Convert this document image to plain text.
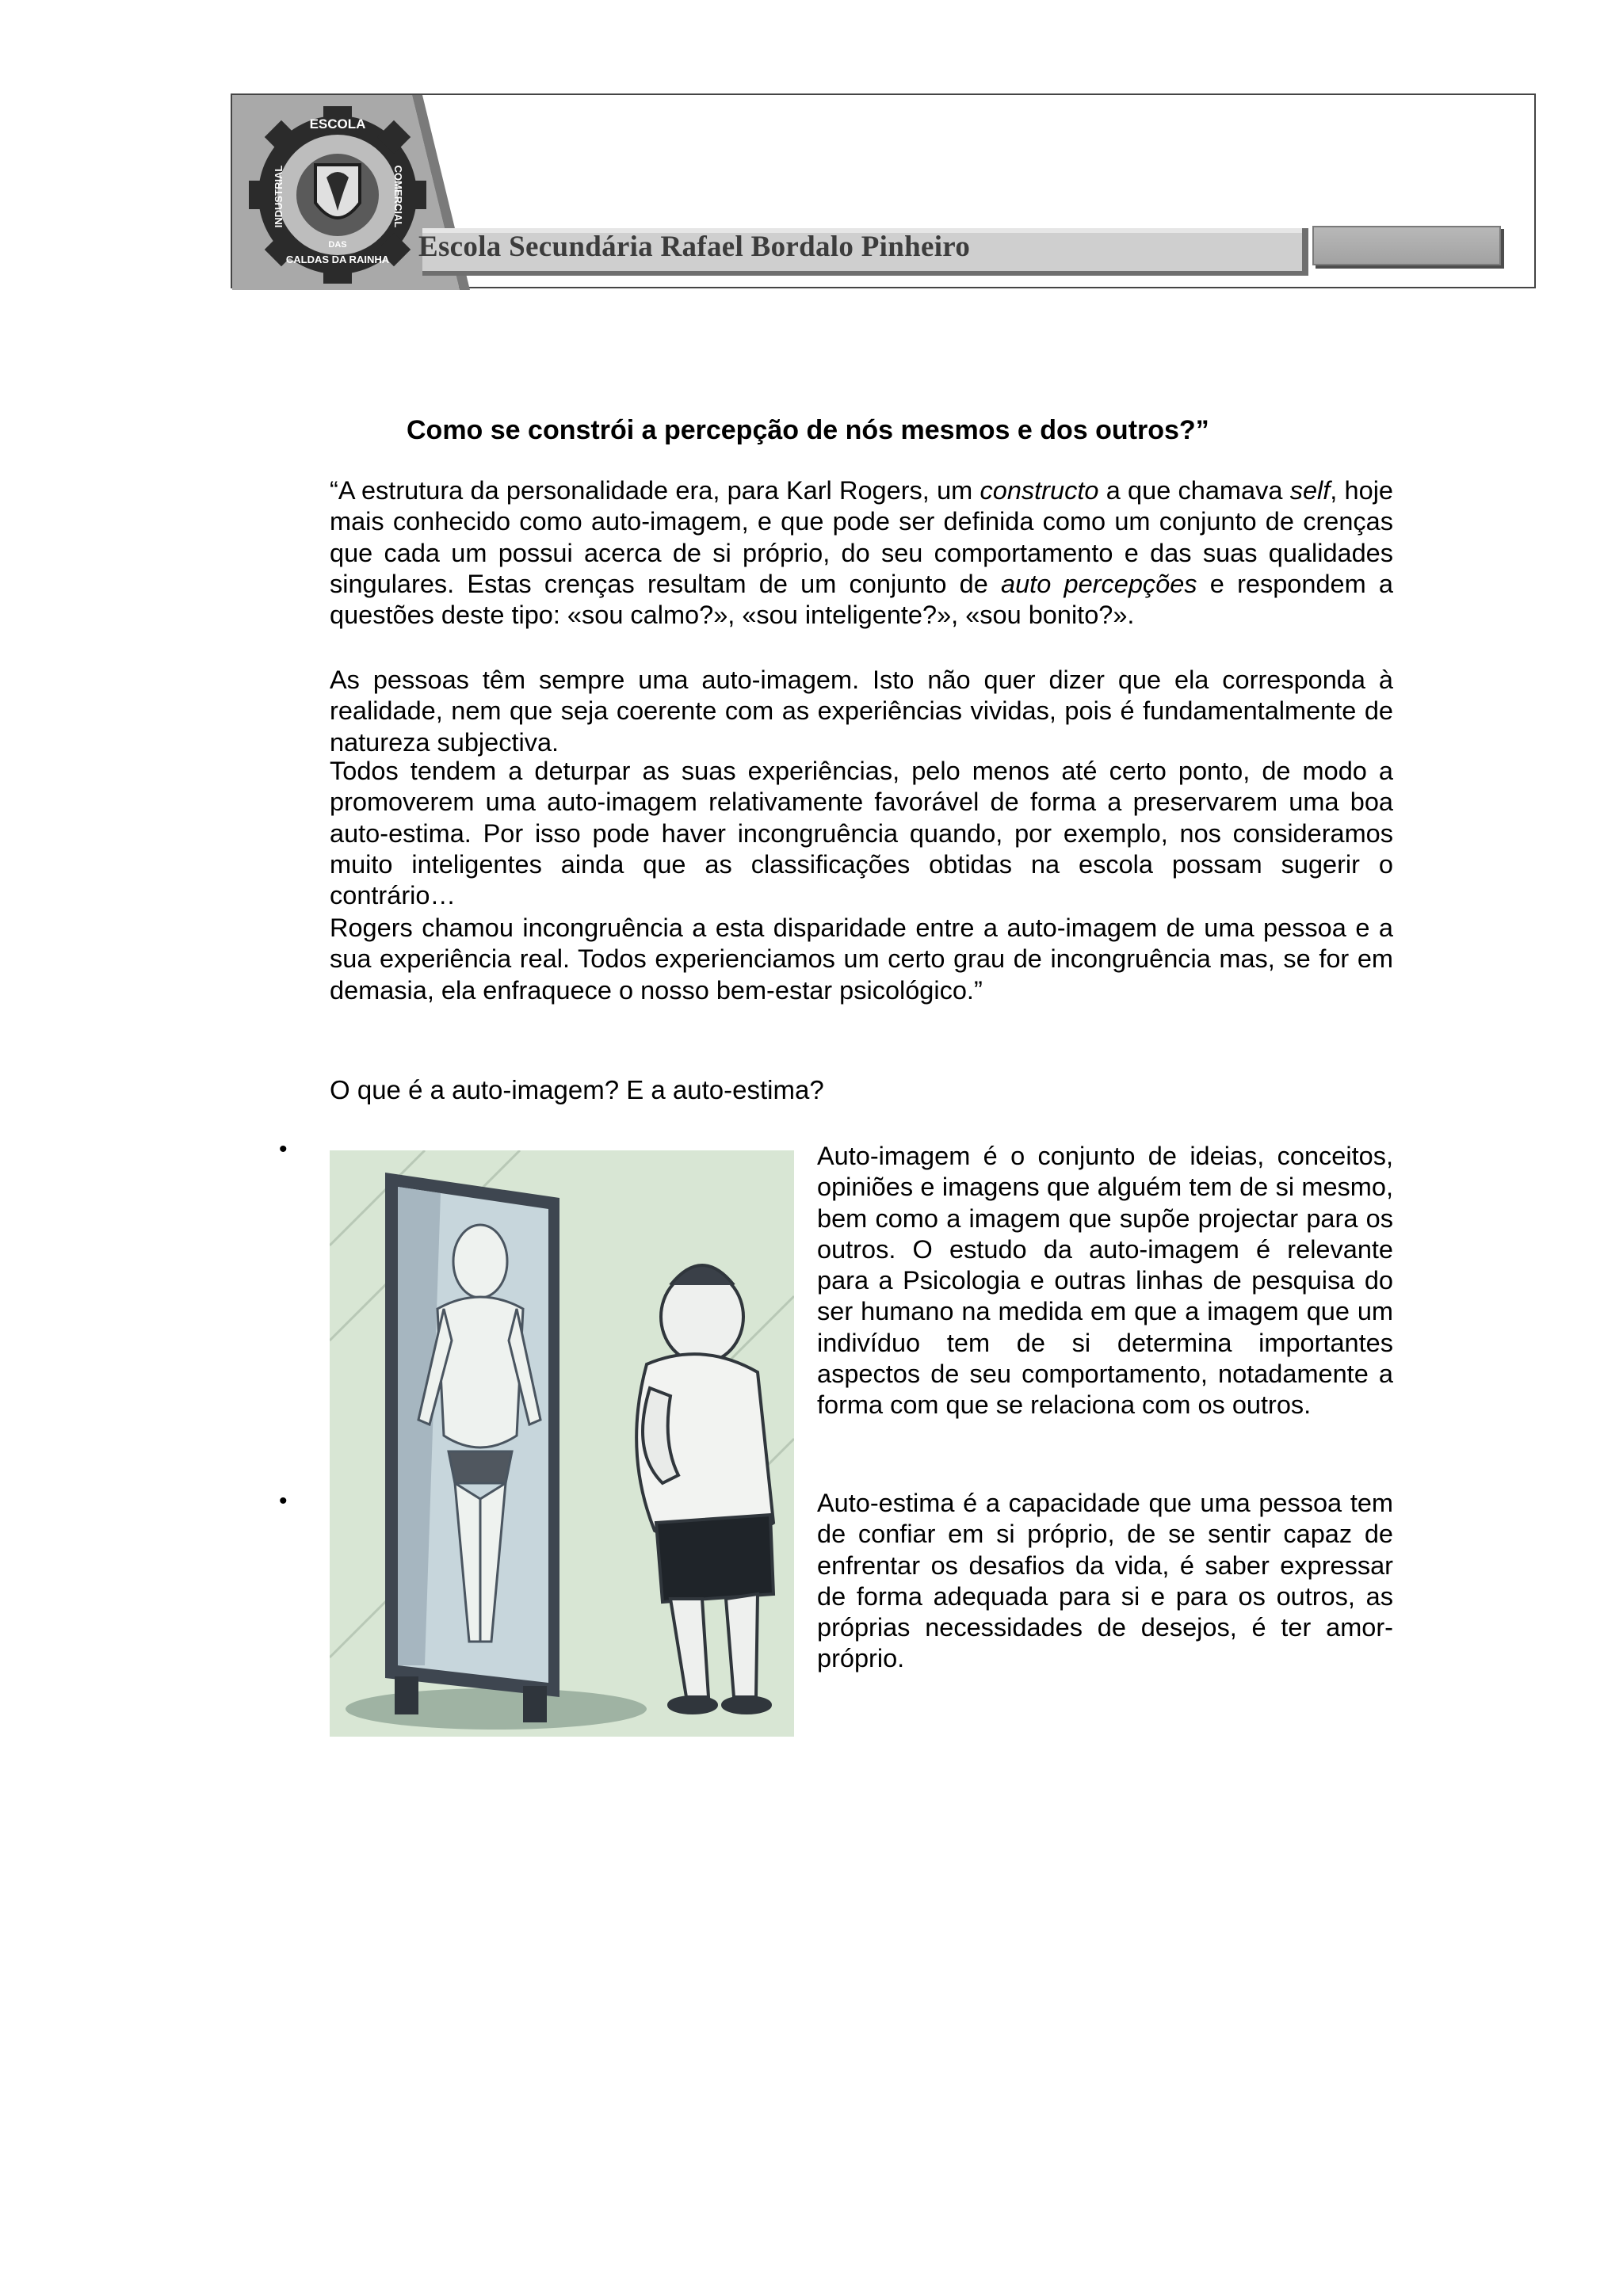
ESCOLA
INDUSTRIAL	COMERCIAL
DAS
CALDAS DA RAINHA Escola Secundária Rafael Bordalo Pinheiro
Como se constrói a percepção de nós mesmos e dos outros?”
“A estrutura da personalidade era, para Karl Rogers, um constructo a que chamava self, hoje mais conhecido como auto-imagem, e que pode ser definida como um conjunto de crenças que cada um possui acerca de si próprio, do seu comportamento e das suas qualidades singulares. Estas crenças resultam de um conjunto de auto percepções e respondem a questões deste tipo: «sou calmo?», «sou inteligente?», «sou bonito?».
As pessoas têm sempre uma auto-imagem. Isto não quer dizer que ela corresponda à realidade, nem que seja coerente com as experiências vividas, pois é fundamentalmente de natureza subjectiva.
Todos tendem a deturpar as suas experiências, pelo menos até certo ponto, de modo a promoverem uma auto-imagem relativamente favorável de forma a preservarem uma boa auto-estima. Por isso pode haver incongruência quando, por exemplo, nos consideramos muito inteligentes ainda que as classificações obtidas na escola possam sugerir o contrário…
Rogers chamou incongruência a esta disparidade entre a auto-imagem de uma pessoa e a sua experiência real. Todos experienciamos um certo grau de incongruência mas, se for em demasia, ela enfraquece o nosso bem-estar psicológico.”
O que é a auto-imagem? E a auto-estima?
•
•
Auto-imagem é o conjunto de ideias, conceitos, opiniões e imagens que alguém tem de si mesmo, bem como a imagem que supõe projectar para os outros. O estudo da auto-imagem é relevante para a Psicologia e outras linhas de pesquisa do ser humano na medida em que a imagem que um indivíduo tem de si determina importantes aspectos de seu comportamento, notadamente a forma com que se relaciona com os outros.
Auto-estima é a capacidade que uma pessoa tem de confiar em si próprio, de se sentir capaz de enfrentar os desafios da vida, é saber expressar de forma adequada para si e para os outros, as próprias necessidades de desejos, é ter amor-próprio.
